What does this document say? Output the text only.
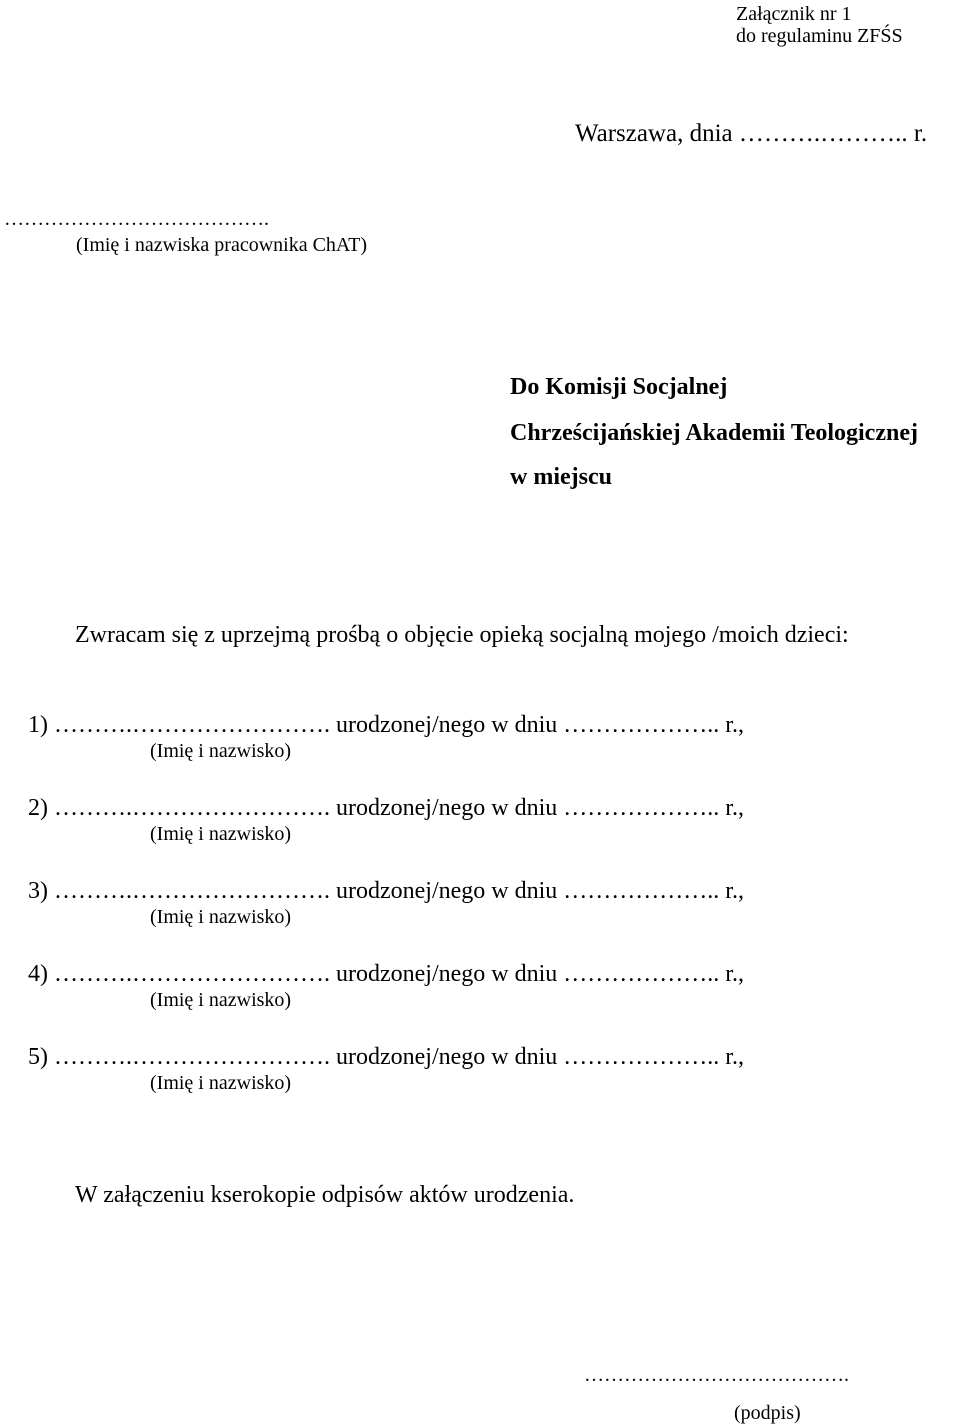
Załącznik nr 1
do regulaminu ZFŚS
Warszawa, dnia ……….……….. r.
………………………………….
(Imię i nazwiska pracownika ChAT)
Do Komisji Socjalnej
Chrześcijańskiej Akademii Teologicznej
w miejscu
Zwracam się z uprzejmą prośbą o objęcie opieką socjalną mojego /moich dzieci:
1) ……….……………………. urodzonej/nego w dniu ……………….. r.,
(Imię i nazwisko)
2) ……….……………………. urodzonej/nego w dniu ……………….. r.,
(Imię i nazwisko)
3) ……….……………………. urodzonej/nego w dniu ……………….. r.,
(Imię i nazwisko)
4) ……….……………………. urodzonej/nego w dniu ……………….. r.,
(Imię i nazwisko)
5) ……….……………………. urodzonej/nego w dniu ……………….. r.,
(Imię i nazwisko)
W załączeniu kserokopie odpisów aktów urodzenia.
………………………………….
(podpis)
